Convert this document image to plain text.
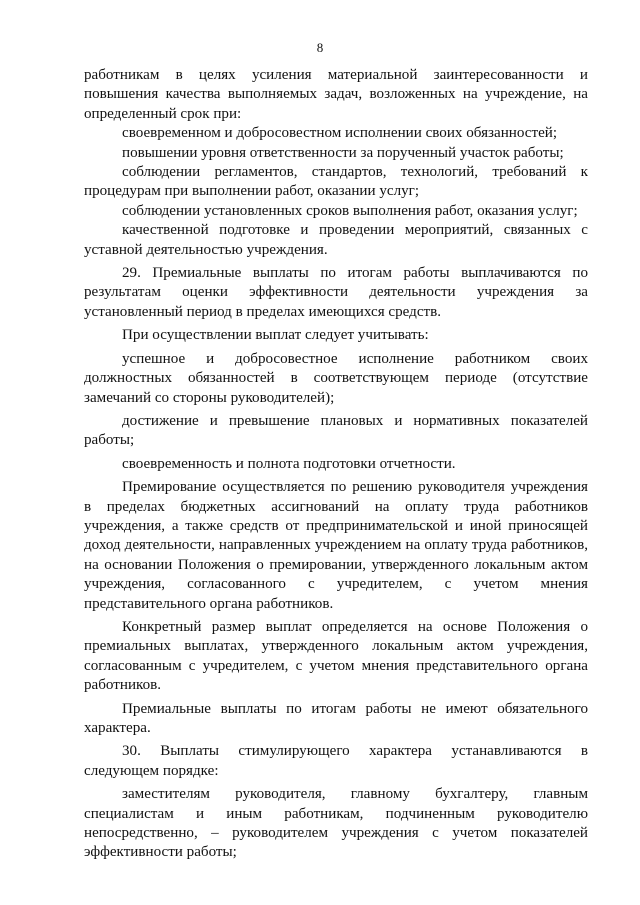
8

работникам в целях усиления материальной заинтересованности и повышения качества выполняемых задач, возложенных на учреждение, на определенный срок при:

своевременном и добросовестном исполнении своих обязанностей;

повышении уровня ответственности за порученный участок работы;

соблюдении регламентов, стандартов, технологий, требований к процедурам при выполнении работ, оказании услуг;

соблюдении установленных сроков выполнения работ, оказания услуг;

качественной подготовке и проведении мероприятий, связанных с уставной деятельностью учреждения.

29. Премиальные выплаты по итогам работы выплачиваются по результатам оценки эффективности деятельности учреждения за установленный период в пределах имеющихся средств.

При осуществлении выплат следует учитывать:

успешное и добросовестное исполнение работником своих должностных обязанностей в соответствующем периоде (отсутствие замечаний со стороны руководителей);

достижение и превышение плановых и нормативных показателей работы;

своевременность и полнота подготовки отчетности.

Премирование осуществляется по решению руководителя учреждения в пределах бюджетных ассигнований на оплату труда работников учреждения, а также средств от предпринимательской и иной приносящей доход деятельности, направленных учреждением на оплату труда работников, на основании Положения о премировании, утвержденного локальным актом учреждения, согласованного с учредителем, с учетом мнения представительного органа работников.

Конкретный размер выплат определяется на основе Положения о премиальных выплатах, утвержденного локальным актом учреждения, согласованным с учредителем, с учетом мнения представительного органа работников.

Премиальные выплаты по итогам работы не имеют обязательного характера.

30. Выплаты стимулирующего характера устанавливаются в следующем порядке:

заместителям руководителя, главному бухгалтеру, главным специалистам и иным работникам, подчиненным руководителю непосредственно, – руководителем учреждения с учетом показателей эффективности работы;
